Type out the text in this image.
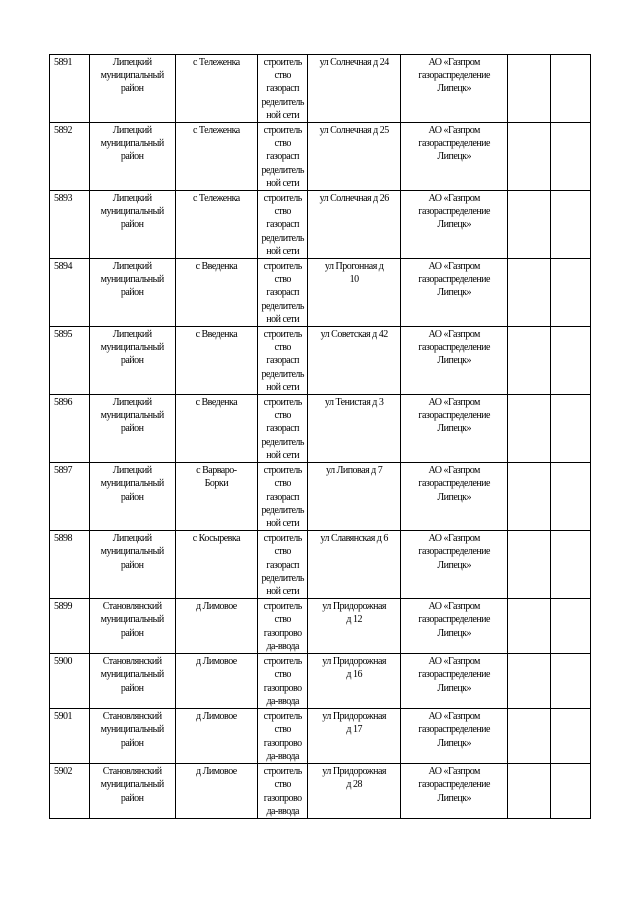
5891	Липецкий
муниципальный
район	с Тележенка	строитель
ство
газорасп
ределитель
ной сети	ул Солнечная д 24	АО «Газпром
газораспределение
Липецк»		

5892	Липецкий
муниципальный
район	с Тележенка	строитель
ство
газорасп
ределитель
ной сети	ул Солнечная д 25	АО «Газпром
газораспределение
Липецк»		

5893	Липецкий
муниципальный
район	с Тележенка	строитель
ство
газорасп
ределитель
ной сети	ул Солнечная д 26	АО «Газпром
газораспределение
Липецк»		

5894	Липецкий
муниципальный
район	с Введенка	строитель
ство
газорасп
ределитель
ной сети	ул Прогонная д
10	АО «Газпром
газораспределение
Липецк»		

5895	Липецкий
муниципальный
район	с Введенка	строитель
ство
газорасп
ределитель
ной сети	ул Советская д 42	АО «Газпром
газораспределение
Липецк»		

5896	Липецкий
муниципальный
район	с Введенка	строитель
ство
газорасп
ределитель
ной сети	ул Тенистая д 3	АО «Газпром
газораспределение
Липецк»		

5897	Липецкий
муниципальный
район	с Варваро-
Борки	строитель
ство
газорасп
ределитель
ной сети	ул Липовая д 7	АО «Газпром
газораспределение
Липецк»		

5898	Липецкий
муниципальный
район	с Косыревка	строитель
ство
газорасп
ределитель
ной сети	ул Славянская д 6	АО «Газпром
газораспределение
Липецк»		

5899	Становлянский
муниципальный
район	д Лимовое	строитель
ство
газопрово
да-ввода	ул Придорожная
д 12	АО «Газпром
газораспределение
Липецк»		

5900	Становлянский
муниципальный
район	д Лимовое	строитель
ство
газопрово
да-ввода	ул Придорожная
д 16	АО «Газпром
газораспределение
Липецк»		

5901	Становлянский
муниципальный
район	д Лимовое	строитель
ство
газопрово
да-ввода	ул Придорожная
д 17	АО «Газпром
газораспределение
Липецк»		

5902	Становлянский
муниципальный
район	д Лимовое	строитель
ство
газопрово
да-ввода	ул Придорожная
д 28	АО «Газпром
газораспределение
Липецк»		
